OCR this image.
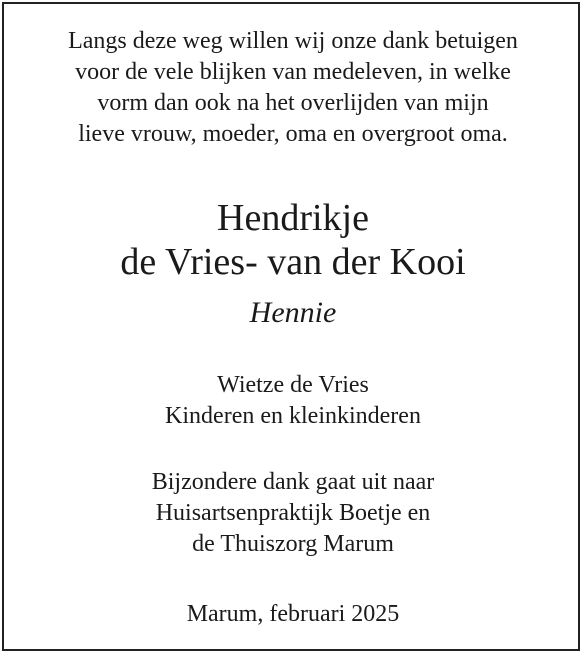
Langs deze weg willen wij onze dank betuigen
voor de vele blijken van medeleven, in welke
vorm dan ook na het overlijden van mijn
lieve vrouw, moeder, oma en overgroot oma.
Hendrikje
de Vries- van der Kooi
Hennie
Wietze de Vries
Kinderen en kleinkinderen
Bijzondere dank gaat uit naar
Huisartsenpraktijk Boetje en
de Thuiszorg Marum
Marum, februari 2025
